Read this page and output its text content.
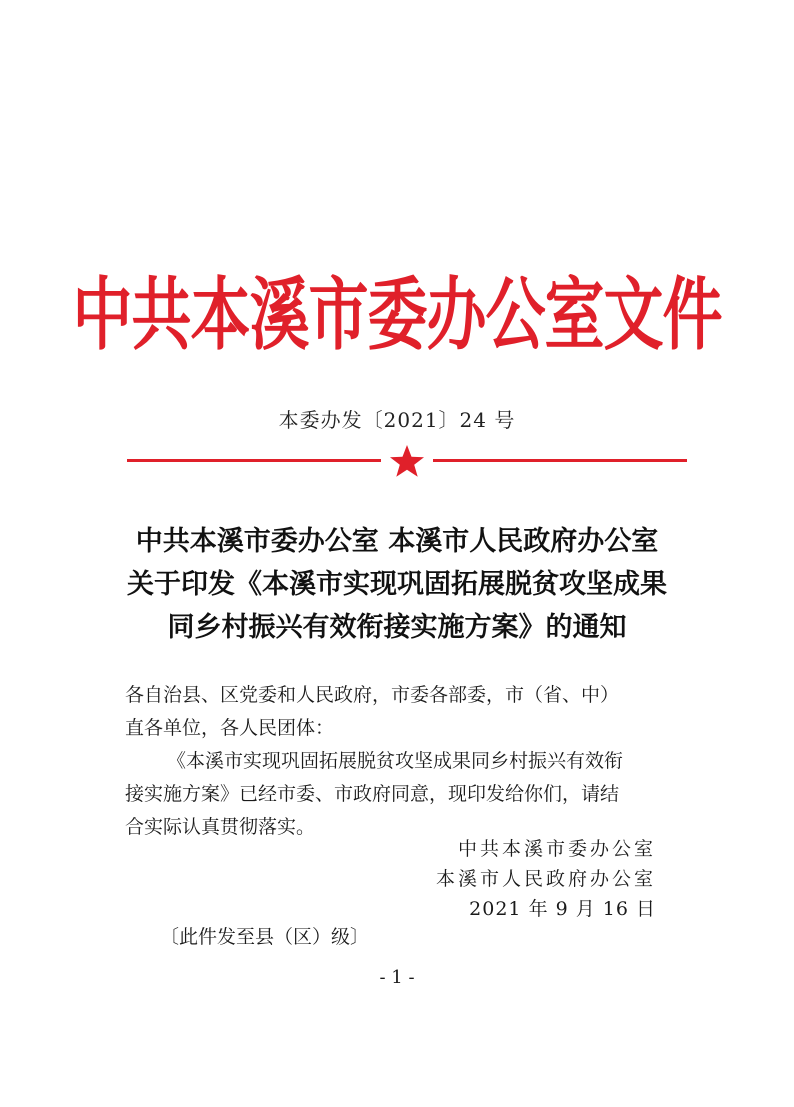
中共本溪市委办公室文件
本委办发〔2021〕24 号
中共本溪市委办公室 本溪市人民政府办公室
关于印发《本溪市实现巩固拓展脱贫攻坚成果
同乡村振兴有效衔接实施方案》的通知

各自治县、区党委和人民政府，市委各部委，市（省、中）

直各单位，各人民团体：

《本溪市实现巩固拓展脱贫攻坚成果同乡村振兴有效衔

接实施方案》已经市委、市政府同意，现印发给你们，请结

合实际认真贯彻落实。

中共本溪市委办公室
本溪市人民政府办公室
2021 年 9 月 16 日
〔此件发至县（区）级〕
- 1 -
